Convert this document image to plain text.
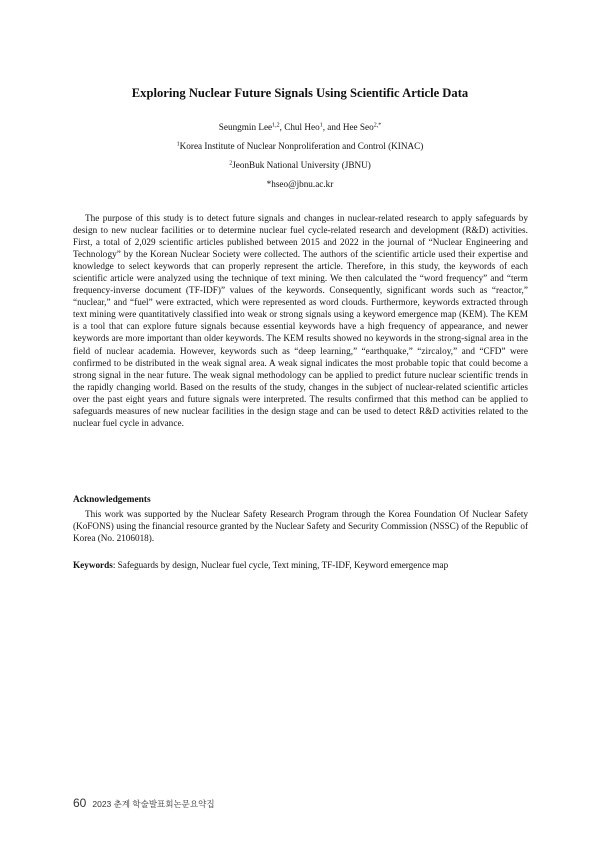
Exploring Nuclear Future Signals Using Scientific Article Data
Seungmin Lee$^{1,2}$, Chul Heo$^1$, and Hee Seo$^{2,*}$
$^1$Korea Institute of Nuclear Nonproliferation and Control (KINAC)
$^2$JeonBuk National University (JBNU)
*hseo@jbnu.ac.kr

The purpose of this study is to detect future signals and changes in nuclear-related research to apply safeguards by design to new nuclear facilities or to determine nuclear fuel cycle-related research and development (R&D) activities. First, a total of 2,029 scientific articles published between 2015 and 2022 in the journal of “Nuclear Engineering and Technology” by the Korean Nuclear Society were collected. The authors of the scientific article used their expertise and knowledge to select keywords that can properly represent the article. Therefore, in this study, the keywords of each scientific article were analyzed using the technique of text mining. We then calculated the “word frequency” and “term frequency-inverse document (TF-IDF)” values of the keywords. Consequently, significant words such as “reactor,” “nuclear,” and “fuel” were extracted, which were represented as word clouds. Furthermore, keywords extracted through text mining were quantitatively classified into weak or strong signals using a keyword emergence map (KEM). The KEM is a tool that can explore future signals because essential keywords have a high frequency of appearance, and newer keywords are more important than older keywords. The KEM results showed no keywords in the strong-signal area in the field of nuclear academia. However, keywords such as “deep learning,” “earthquake,” “zircaloy,” and “CFD” were confirmed to be distributed in the weak signal area. A weak signal indicates the most probable topic that could become a strong signal in the near future. The weak signal methodology can be applied to predict future nuclear scientific trends in the rapidly changing world. Based on the results of the study, changes in the subject of nuclear-related scientific articles over the past eight years and future signals were interpreted. The results confirmed that this method can be applied to safeguards measures of new nuclear facilities in the design stage and can be used to detect R&D activities related to the nuclear fuel cycle in advance.

Acknowledgements

This work was supported by the Nuclear Safety Research Program through the Korea Foundation Of Nuclear Safety (KoFONS) using the financial resource granted by the Nuclear Safety and Security Commission (NSSC) of the Republic of Korea (No. 2106018).

Keywords: Safeguards by design, Nuclear fuel cycle, Text mining, TF-IDF, Keyword emergence map

60 2023 춘계 학술발표회논문요약집
